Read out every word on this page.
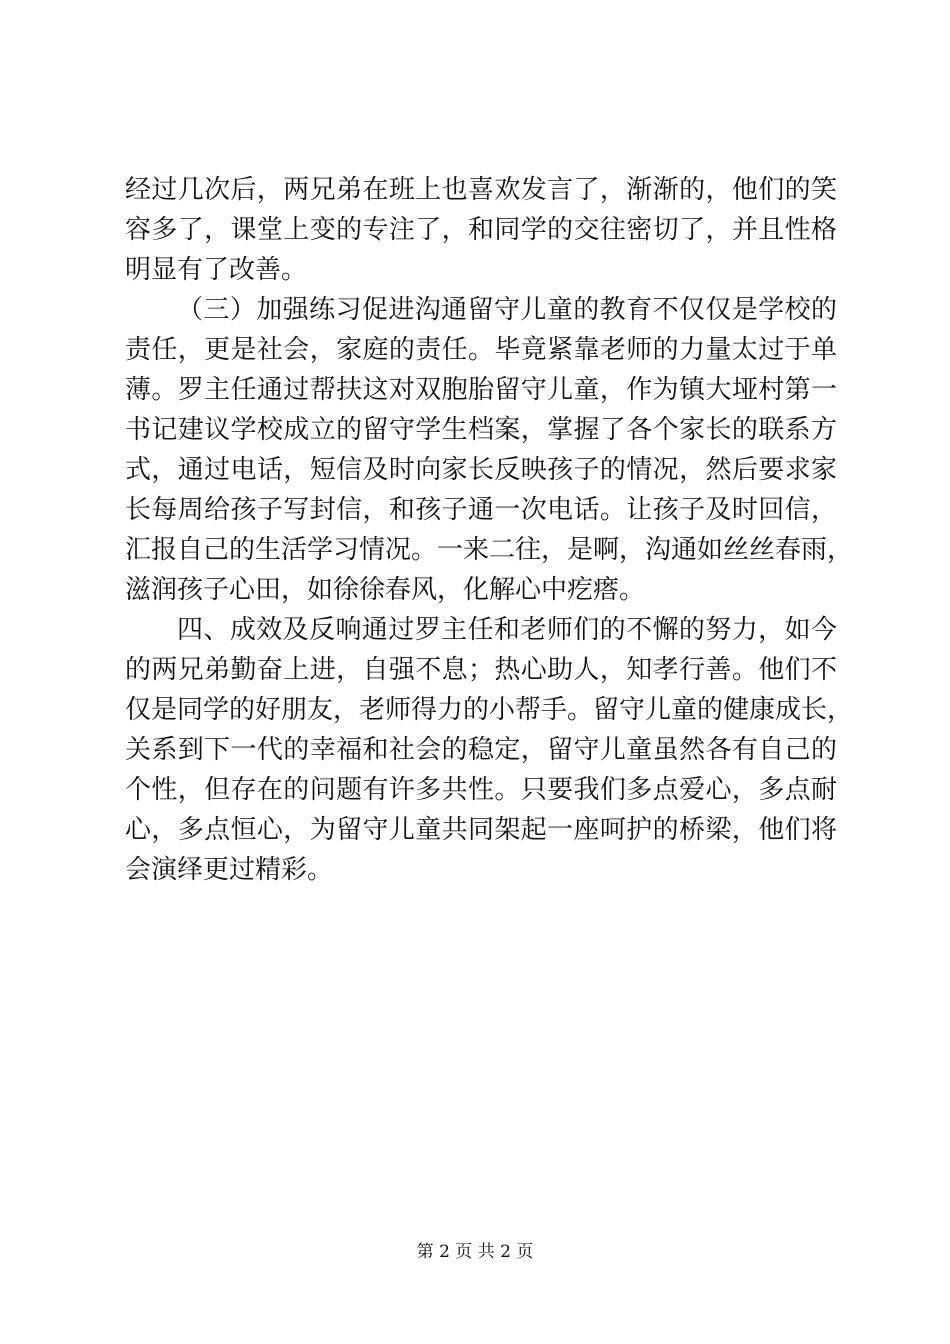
经过几次后，两兄弟在班上也喜欢发言了，渐渐的，他们的笑
容多了，课堂上变的专注了，和同学的交往密切了，并且性格
明显有了改善。
（三）加强练习促进沟通留守儿童的教育不仅仅是学校的
责任，更是社会，家庭的责任。毕竟紧靠老师的力量太过于单
薄。罗主任通过帮扶这对双胞胎留守儿童，作为镇大垭村第一
书记建议学校成立的留守学生档案，掌握了各个家长的联系方
式，通过电话，短信及时向家长反映孩子的情况，然后要求家
长每周给孩子写封信，和孩子通一次电话。让孩子及时回信，
汇报自己的生活学习情况。一来二往，是啊，沟通如丝丝春雨，
滋润孩子心田，如徐徐春风，化解心中疙瘩。
四、成效及反响通过罗主任和老师们的不懈的努力，如今
的两兄弟勤奋上进，自强不息；热心助人，知孝行善。他们不
仅是同学的好朋友，老师得力的小帮手。留守儿童的健康成长，
关系到下一代的幸福和社会的稳定，留守儿童虽然各有自己的
个性，但存在的问题有许多共性。只要我们多点爱心，多点耐
心，多点恒心，为留守儿童共同架起一座呵护的桥梁，他们将
会演绎更过精彩。
第 2 页 共 2 页
